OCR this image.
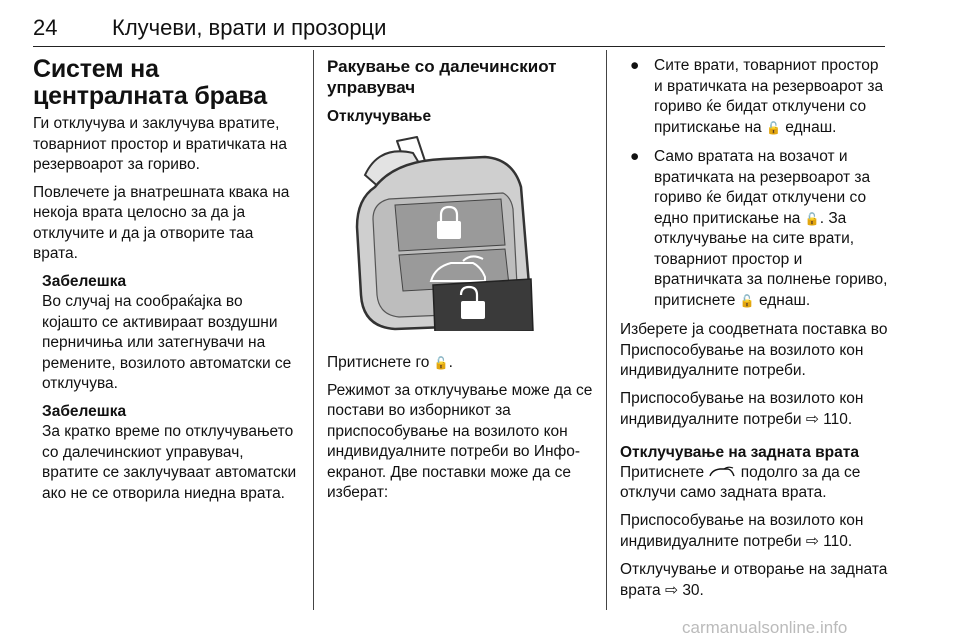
24 Клучеви, врати и прозорци
Систем на централната брава

Ги отклучува и заклучува вратите, товарниот простор и вратичката на резервоарот за гориво.

Повлечете ја внатрешната квака на некоја врата целосно за да ја отклучите и да ја отворите таа врата.

Забелешка

Во случај на сообраќајка во којашто се активираат воздушни перничиња или затегнувачи на ремените, возилото автоматски се отклучува.

Забелешка

За кратко време по отклучувањето со далечинскиот управувач, вратите се заклучуваат автоматски ако не се отворила ниедна врата.

Ракување со далечинскиот управувач
Отклучување

Притиснете го 🔓.

Режимот за отклучување може да се постави во изборникот за приспособување на возилото кон индивидуалните потреби во Инфо-екранот. Две поставки може да се изберат:

● Сите врати, товарниот простор и вратичката на резервоарот за гориво ќе бидат отклучени со притискање на 🔓 еднаш.
● Само вратата на возачот и вратичката на резервоарот за гориво ќе бидат отклучени со едно притискање на 🔓. За отклучување на сите врати, товарниот простор и вратничката за полнење гориво, притиснете 🔓 еднаш.

Изберете ја соодветната поставка во Приспособување на возилото кон индивидуалните потреби.

Приспособување на возилото кон индивидуалните потреби ⇨ 110.

Отклучување на задната врата

Притиснете подолго за да се отклучи само задната врата.

Приспособување на возилото кон индивидуалните потреби ⇨ 110.

Отклучување и отворање на задната врата ⇨ 30.

carmanualsonline.info
